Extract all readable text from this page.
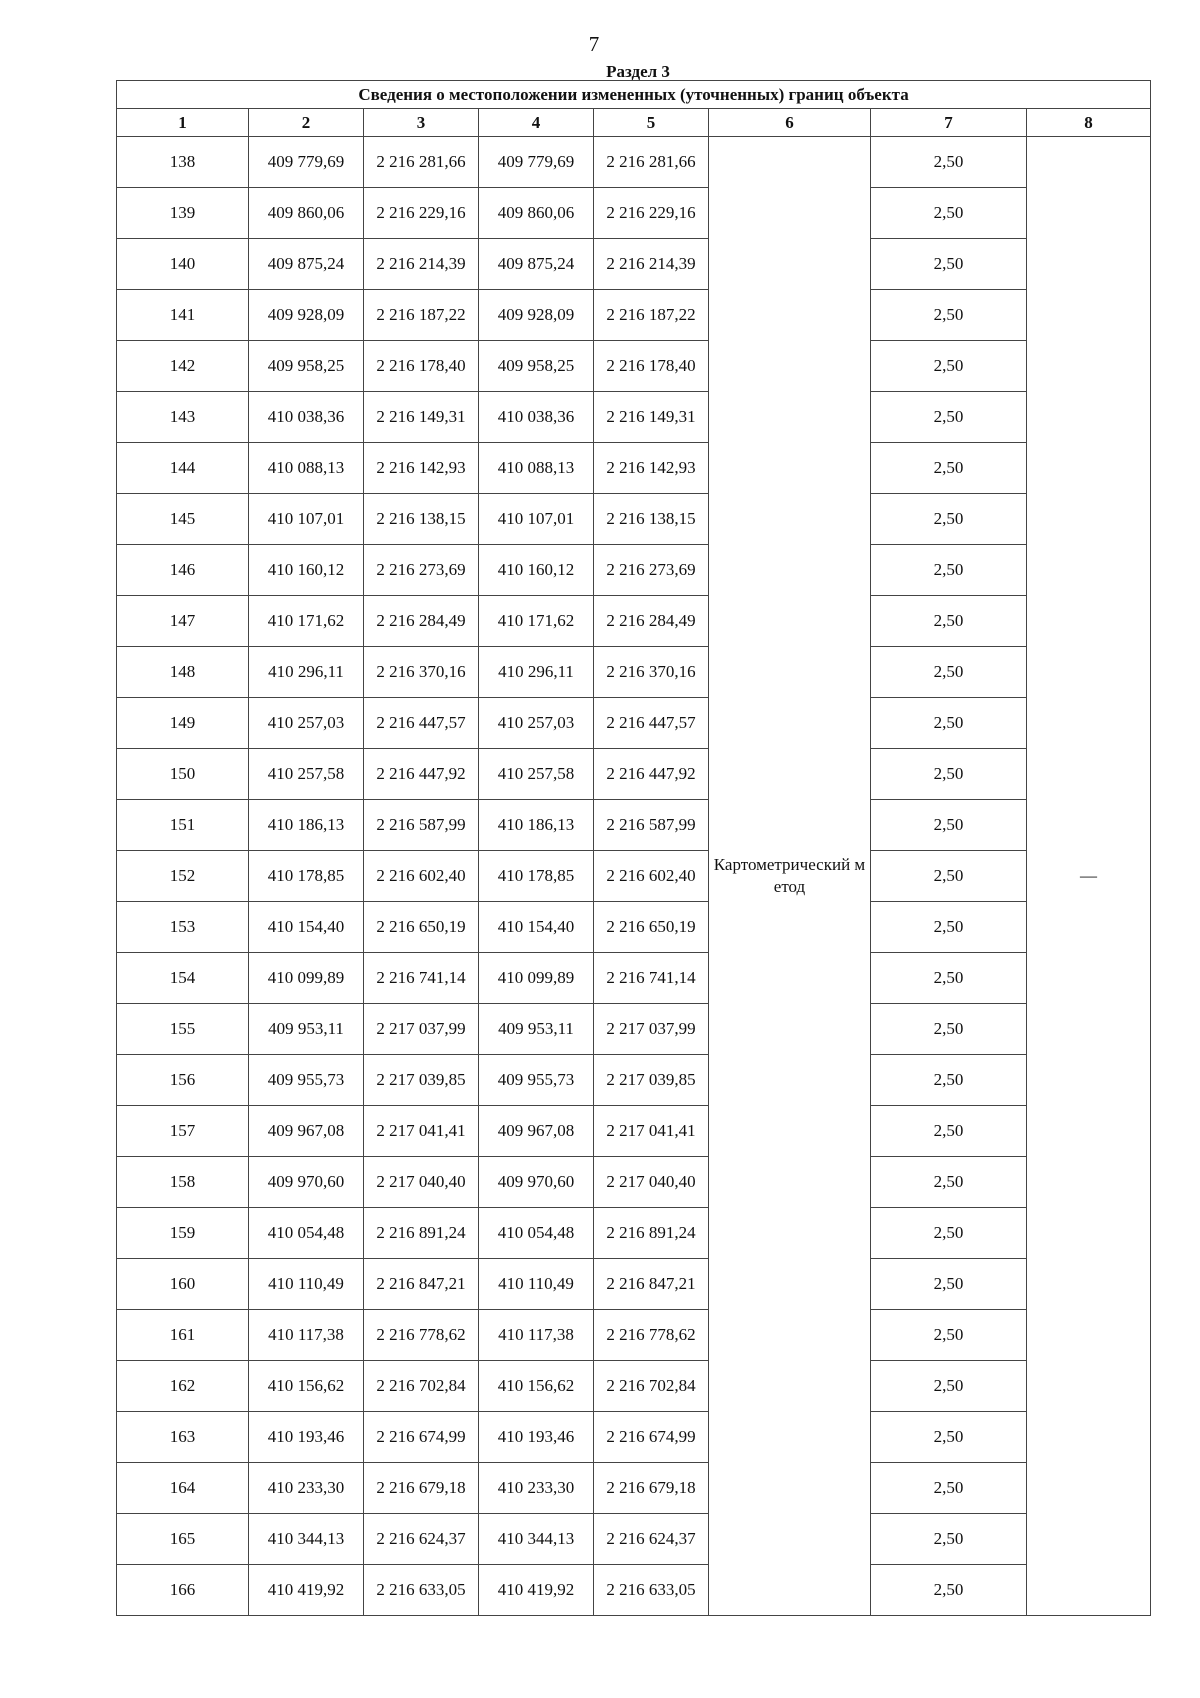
7
Раздел 3
Сведения о местоположении измененных (уточненных) границ объекта							
1	2	3	4	5	6	7	8
138	409 779,69	2 216 281,66	409 779,69	2 216 281,66	Картометрический метод	2,50	—
139	409 860,06	2 216 229,16	409 860,06	2 216 229,16		2,50	
140	409 875,24	2 216 214,39	409 875,24	2 216 214,39		2,50	
141	409 928,09	2 216 187,22	409 928,09	2 216 187,22		2,50	
142	409 958,25	2 216 178,40	409 958,25	2 216 178,40		2,50	
143	410 038,36	2 216 149,31	410 038,36	2 216 149,31		2,50	
144	410 088,13	2 216 142,93	410 088,13	2 216 142,93		2,50	
145	410 107,01	2 216 138,15	410 107,01	2 216 138,15		2,50	
146	410 160,12	2 216 273,69	410 160,12	2 216 273,69		2,50	
147	410 171,62	2 216 284,49	410 171,62	2 216 284,49		2,50	
148	410 296,11	2 216 370,16	410 296,11	2 216 370,16		2,50	
149	410 257,03	2 216 447,57	410 257,03	2 216 447,57		2,50	
150	410 257,58	2 216 447,92	410 257,58	2 216 447,92		2,50	
151	410 186,13	2 216 587,99	410 186,13	2 216 587,99		2,50	
152	410 178,85	2 216 602,40	410 178,85	2 216 602,40		2,50	
153	410 154,40	2 216 650,19	410 154,40	2 216 650,19		2,50	
154	410 099,89	2 216 741,14	410 099,89	2 216 741,14		2,50	
155	409 953,11	2 217 037,99	409 953,11	2 217 037,99		2,50	
156	409 955,73	2 217 039,85	409 955,73	2 217 039,85		2,50	
157	409 967,08	2 217 041,41	409 967,08	2 217 041,41		2,50	
158	409 970,60	2 217 040,40	409 970,60	2 217 040,40		2,50	
159	410 054,48	2 216 891,24	410 054,48	2 216 891,24		2,50	
160	410 110,49	2 216 847,21	410 110,49	2 216 847,21		2,50	
161	410 117,38	2 216 778,62	410 117,38	2 216 778,62		2,50	
162	410 156,62	2 216 702,84	410 156,62	2 216 702,84		2,50	
163	410 193,46	2 216 674,99	410 193,46	2 216 674,99		2,50	
164	410 233,30	2 216 679,18	410 233,30	2 216 679,18		2,50	
165	410 344,13	2 216 624,37	410 344,13	2 216 624,37		2,50	
166	410 419,92	2 216 633,05	410 419,92	2 216 633,05		2,50	
